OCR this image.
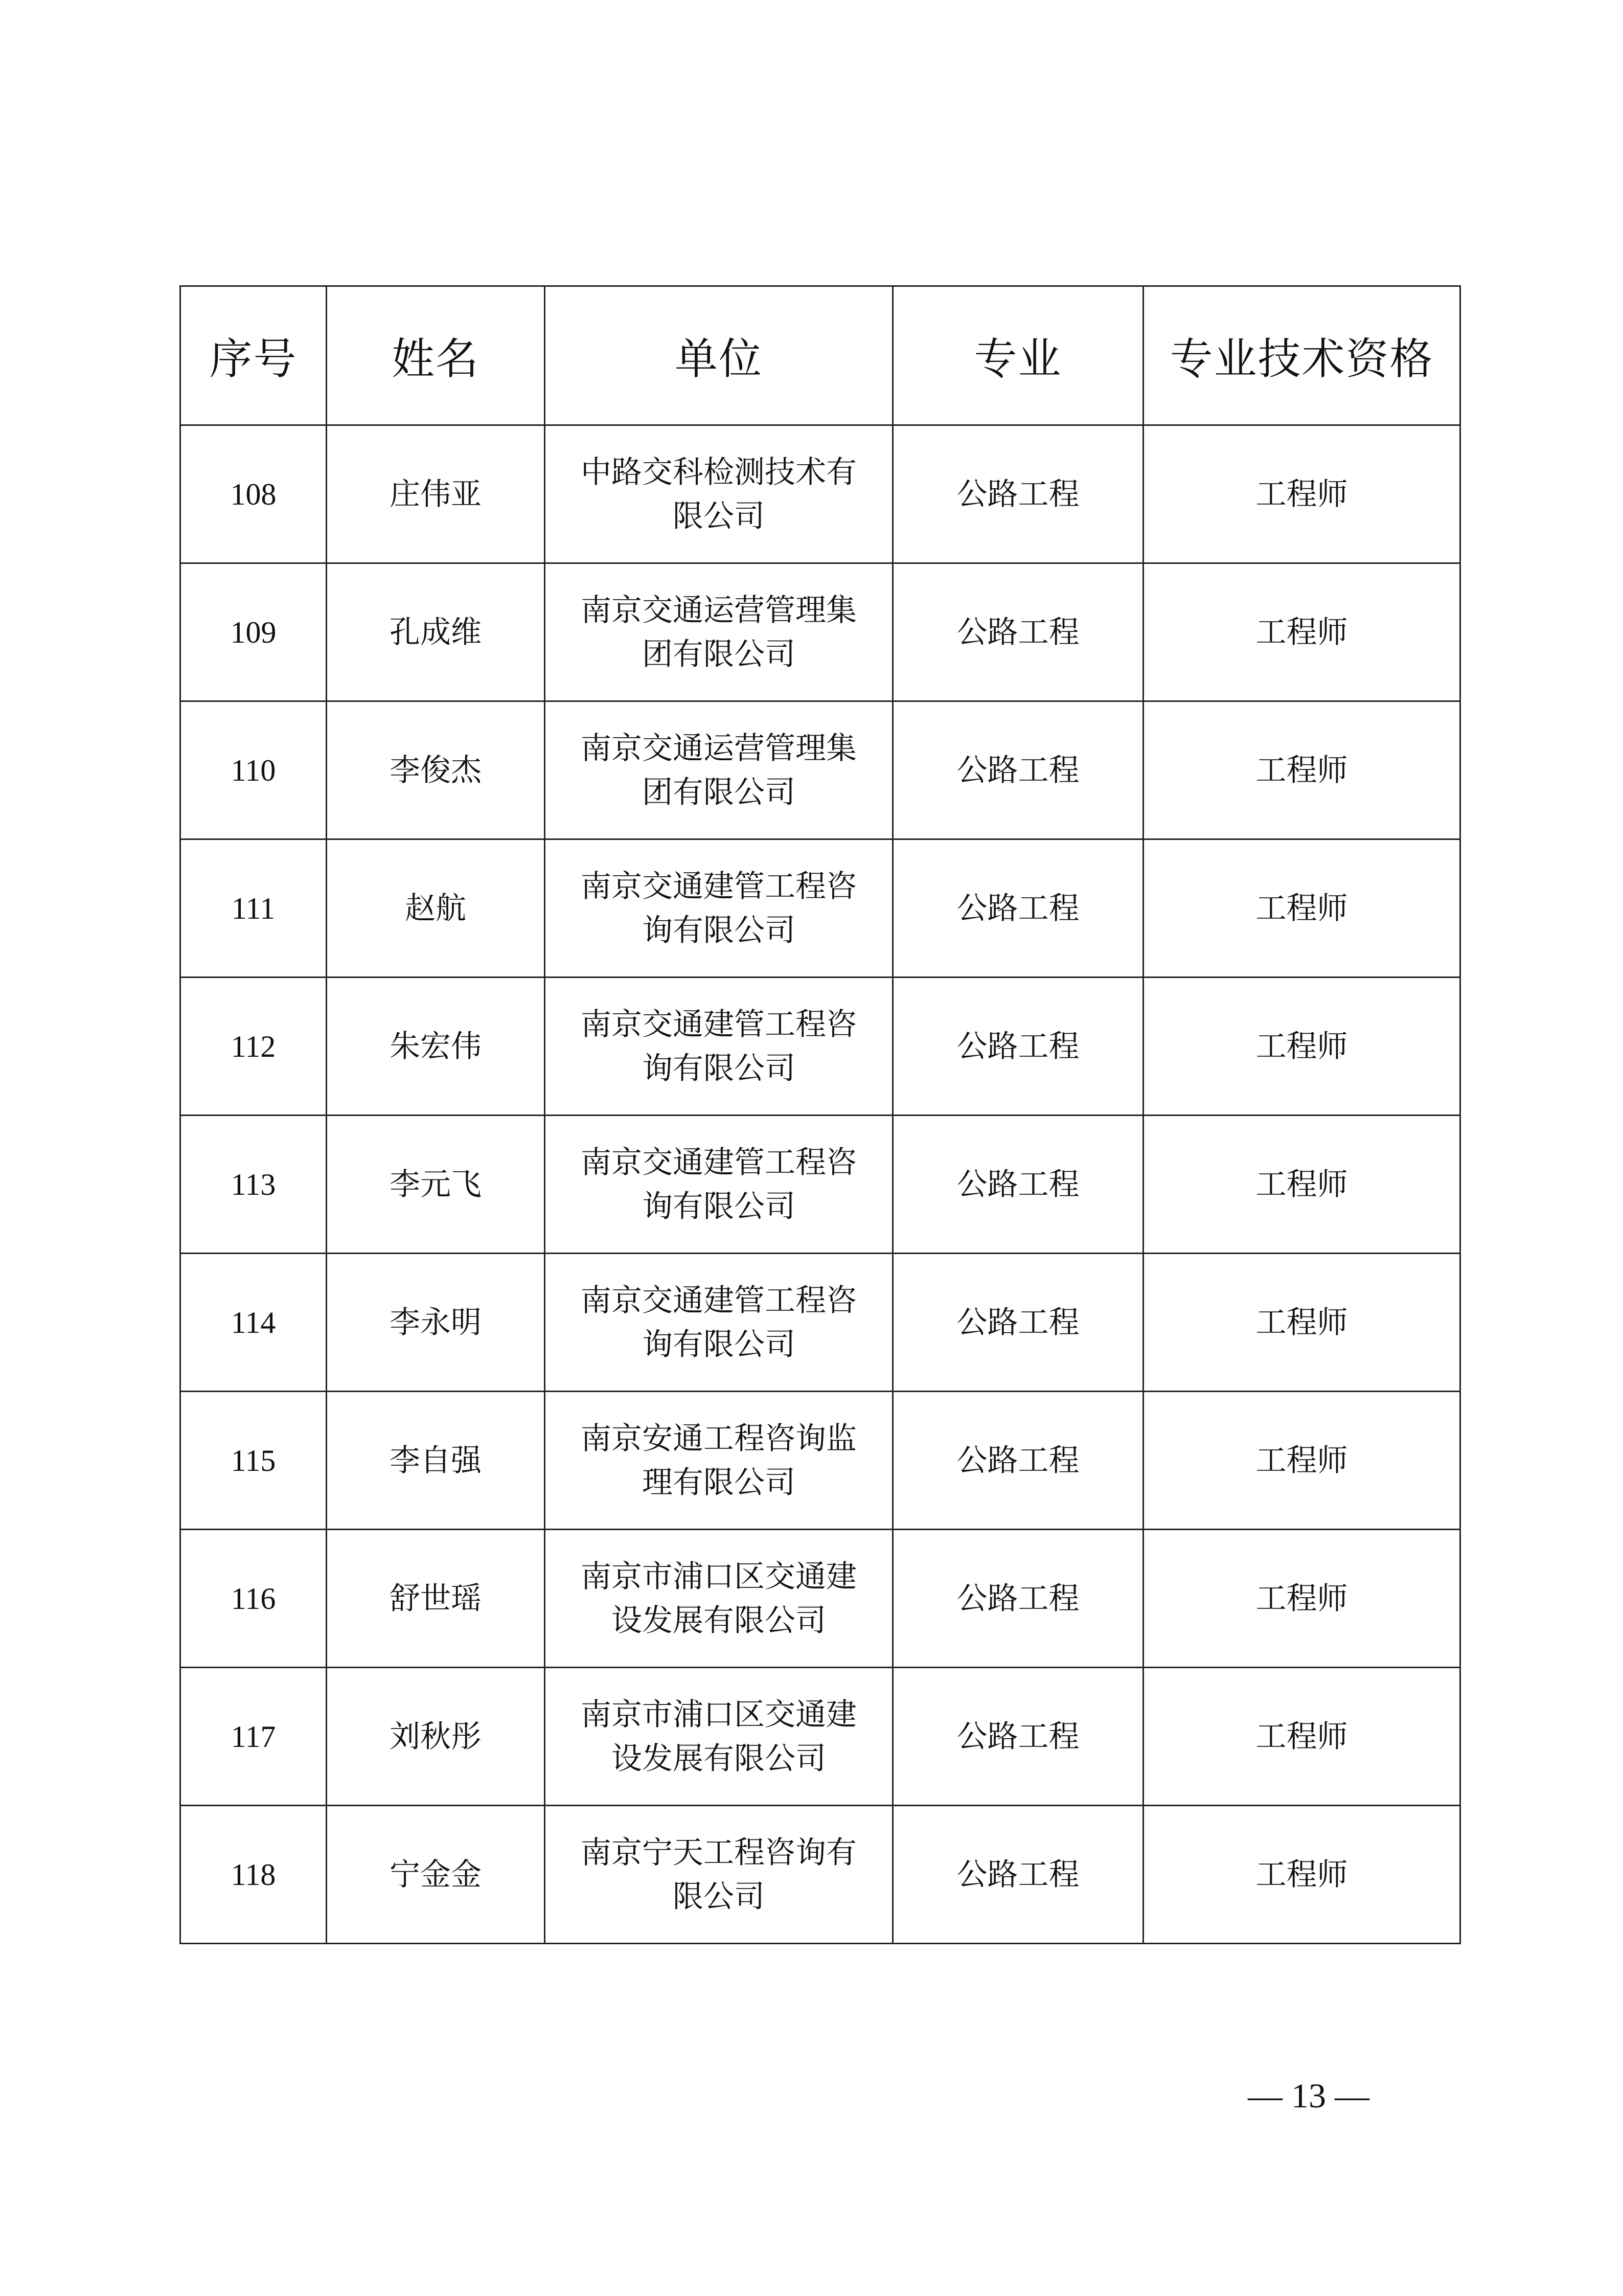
序号	姓名	单位	专业	专业技术资格
108	庄伟亚	中路交科检测技术有限公司	公路工程	工程师
109	孔成维	南京交通运营管理集团有限公司	公路工程	工程师
110	李俊杰	南京交通运营管理集团有限公司	公路工程	工程师
111	赵航	南京交通建管工程咨询有限公司	公路工程	工程师
112	朱宏伟	南京交通建管工程咨询有限公司	公路工程	工程师
113	李元飞	南京交通建管工程咨询有限公司	公路工程	工程师
114	李永明	南京交通建管工程咨询有限公司	公路工程	工程师
115	李自强	南京安通工程咨询监理有限公司	公路工程	工程师
116	舒世瑶	南京市浦口区交通建设发展有限公司	公路工程	工程师
117	刘秋彤	南京市浦口区交通建设发展有限公司	公路工程	工程师
118	宁金金	南京宁天工程咨询有限公司	公路工程	工程师
— 13 —
